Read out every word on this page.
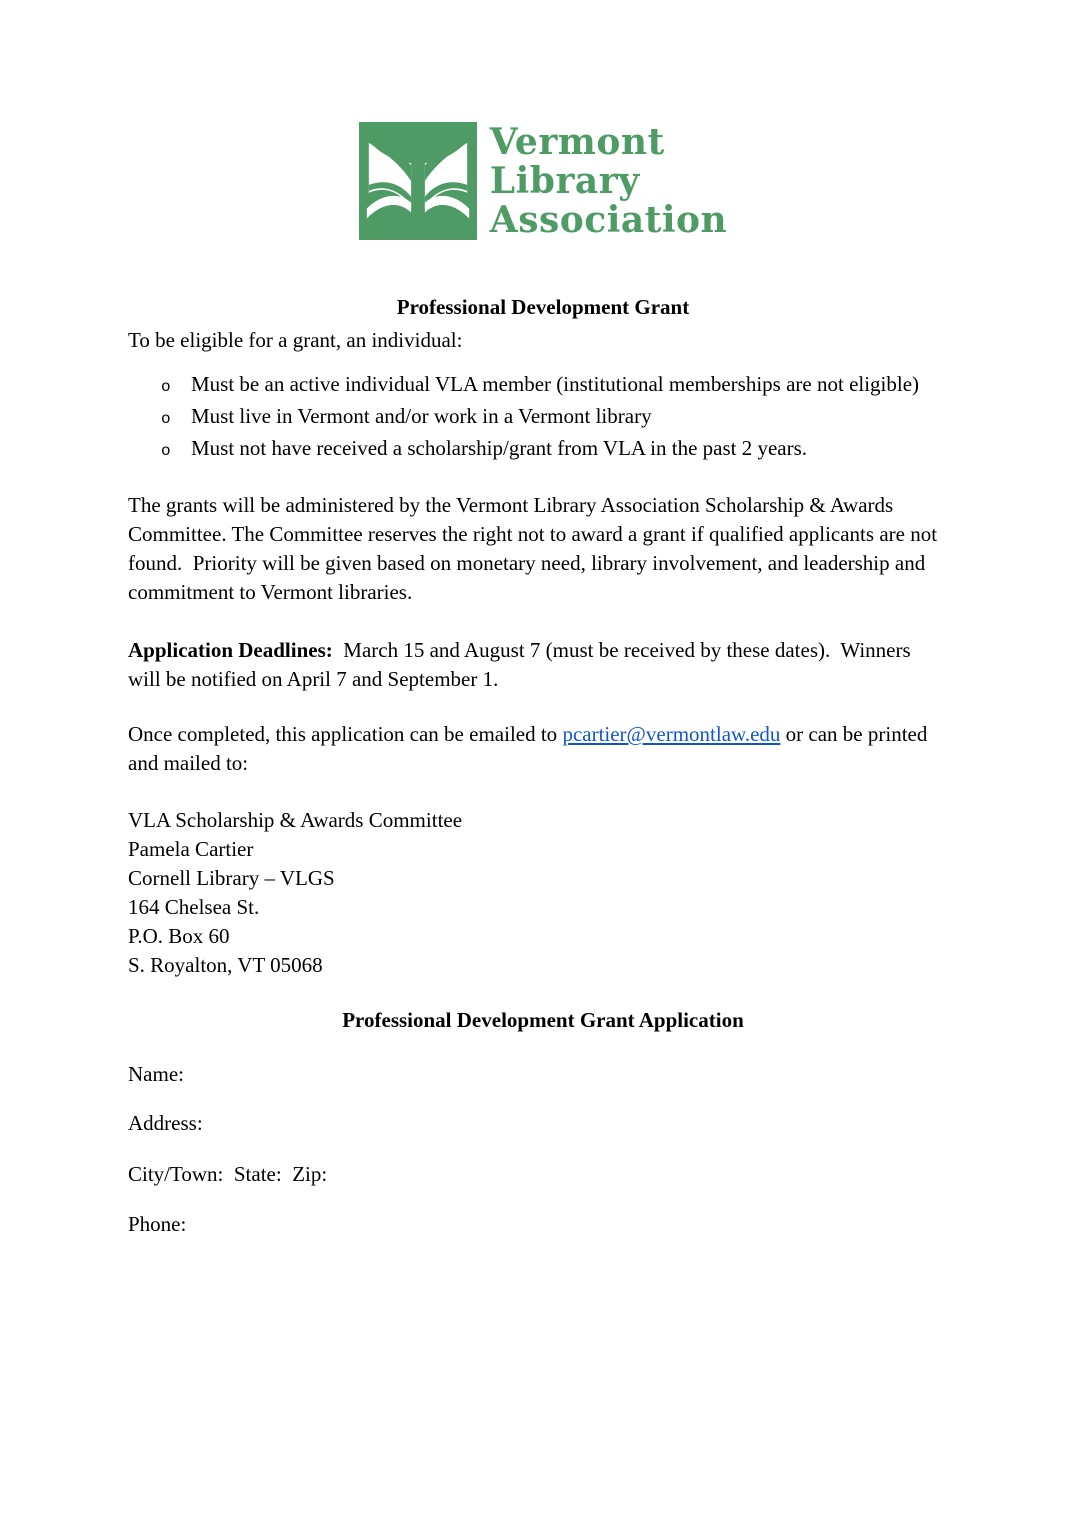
Vermont
Library
Association
Professional Development Grant
To be eligible for a grant, an individual:
o Must be an active individual VLA member (institutional memberships are not eligible)
o Must live in Vermont and/or work in a Vermont library
o Must not have received a scholarship/grant from VLA in the past 2 years.
The grants will be administered by the Vermont Library Association Scholarship & Awards
Committee. The Committee reserves the right not to award a grant if qualified applicants are not
found.  Priority will be given based on monetary need, library involvement, and leadership and
commitment to Vermont libraries.
Application Deadlines:  March 15 and August 7 (must be received by these dates).  Winners
will be notified on April 7 and September 1.
Once completed, this application can be emailed to pcartier@vermontlaw.edu or can be printed
and mailed to:
VLA Scholarship & Awards Committee
Pamela Cartier
Cornell Library – VLGS
164 Chelsea St.
P.O. Box 60
S. Royalton, VT 05068
Professional Development Grant Application
Name:
Address:
City/Town:  State:  Zip:
Phone:
